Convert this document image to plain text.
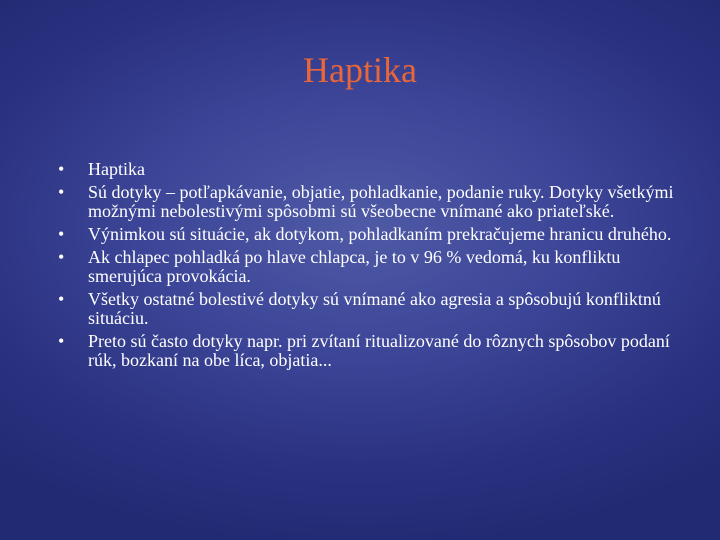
Haptika
•	Haptika
•	Sú dotyky – potľapkávanie, objatie, pohladkanie, podanie ruky. Dotyky všetkými možnými nebolestivými spôsobmi sú všeobecne vnímané ako priateľské.
•	Výnimkou sú situácie, ak dotykom, pohladkaním prekračujeme hranicu druhého.
•	Ak chlapec pohladká po hlave chlapca, je to v 96 % vedomá, ku konfliktu smerujúca provokácia.
•	Všetky ostatné bolestivé dotyky sú vnímané ako agresia a spôsobujú konfliktnú situáciu.
•	Preto sú často dotyky napr. pri zvítaní ritualizované do rôznych spôsobov podaní rúk, bozkaní na obe líca, objatia...
